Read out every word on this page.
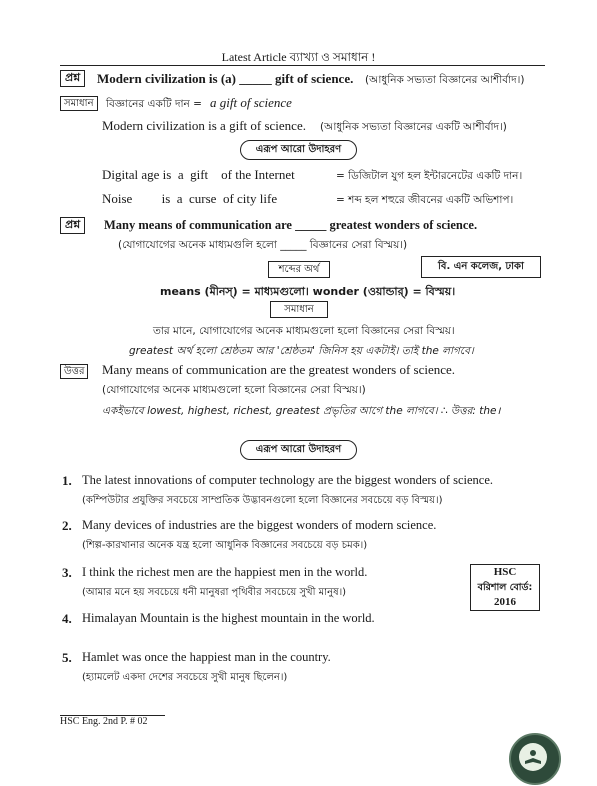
Latest Article ব্যাখ্যা ও সমাধান !
প্রশ্ন	Modern civilization is (a) _____ gift of science. (আধুনিক সভ্যতা বিজ্ঞানের আশীর্বাদ।)
সমাধান	বিজ্ঞানের একটি দান = a gift of science
Modern civilization is a gift of science. (আধুনিক সভ্যতা বিজ্ঞানের একটি আশীর্বাদ।)
এরূপ আরো উদাহরণ
Digital age is  a  gift    of the Internet	= ডিজিটাল যুগ হল ইন্টারনেটের একটি দান।
Noise         is  a  curse  of city life	= শব্দ হল শহুরে জীবনের একটি অভিশাপ।
প্রশ্ন	Many means of communication are _____ greatest wonders of science.
(যোগাযোগের অনেক মাধ্যমগুলি হলো _____ বিজ্ঞানের সেরা বিস্ময়।)
বি. এন কলেজ, ঢাকা
শব্দের অর্থ
means (মীনস্) = মাধ্যমগুলো। wonder (ওয়ান্ডার্) = বিস্ময়।
সমাধান
তার মানে, যোগাযোগের অনেক মাধ্যমগুলো হলো বিজ্ঞানের সেরা বিস্ময়।
greatest অর্থ হলো শ্রেষ্ঠতম আর 'শ্রেষ্ঠতম' জিনিস হয় একটাই। তাই the লাগবে।
উত্তর	Many means of communication are the greatest wonders of science.
(যোগাযোগের অনেক মাধ্যমগুলো হলো বিজ্ঞানের সেরা বিস্ময়।)
একইভাবে lowest, highest, richest, greatest প্রভৃতির আগে the লাগবে। ∴ উত্তর: the।
এরূপ আরো উদাহরণ
1. The latest innovations of computer technology are the biggest wonders of science.
(কম্পিউটার প্রযুক্তির সবচেয়ে সাম্প্রতিক উদ্ভাবনগুলো হলো বিজ্ঞানের সবচেয়ে বড় বিস্ময়।)
2. Many devices of industries are the biggest wonders of modern science.
(শিল্প-কারখানার অনেক যন্ত্র হলো আধুনিক বিজ্ঞানের সবচেয়ে বড় চমক।)
3. I think the richest men are the happiest men in the world.
(আমার মনে হয় সবচেয়ে ধনী মানুষরা পৃথিবীর সবচেয়ে সুখী মানুষ।)
HSC
বরিশাল বোর্ড:
2016
4. Himalayan Mountain is the highest mountain in the world.
5. Hamlet was once the happiest man in the country.
(হ্যামলেট একদা দেশের সবচেয়ে সুখী মানুষ ছিলেন।)
HSC Eng. 2nd P. # 02
